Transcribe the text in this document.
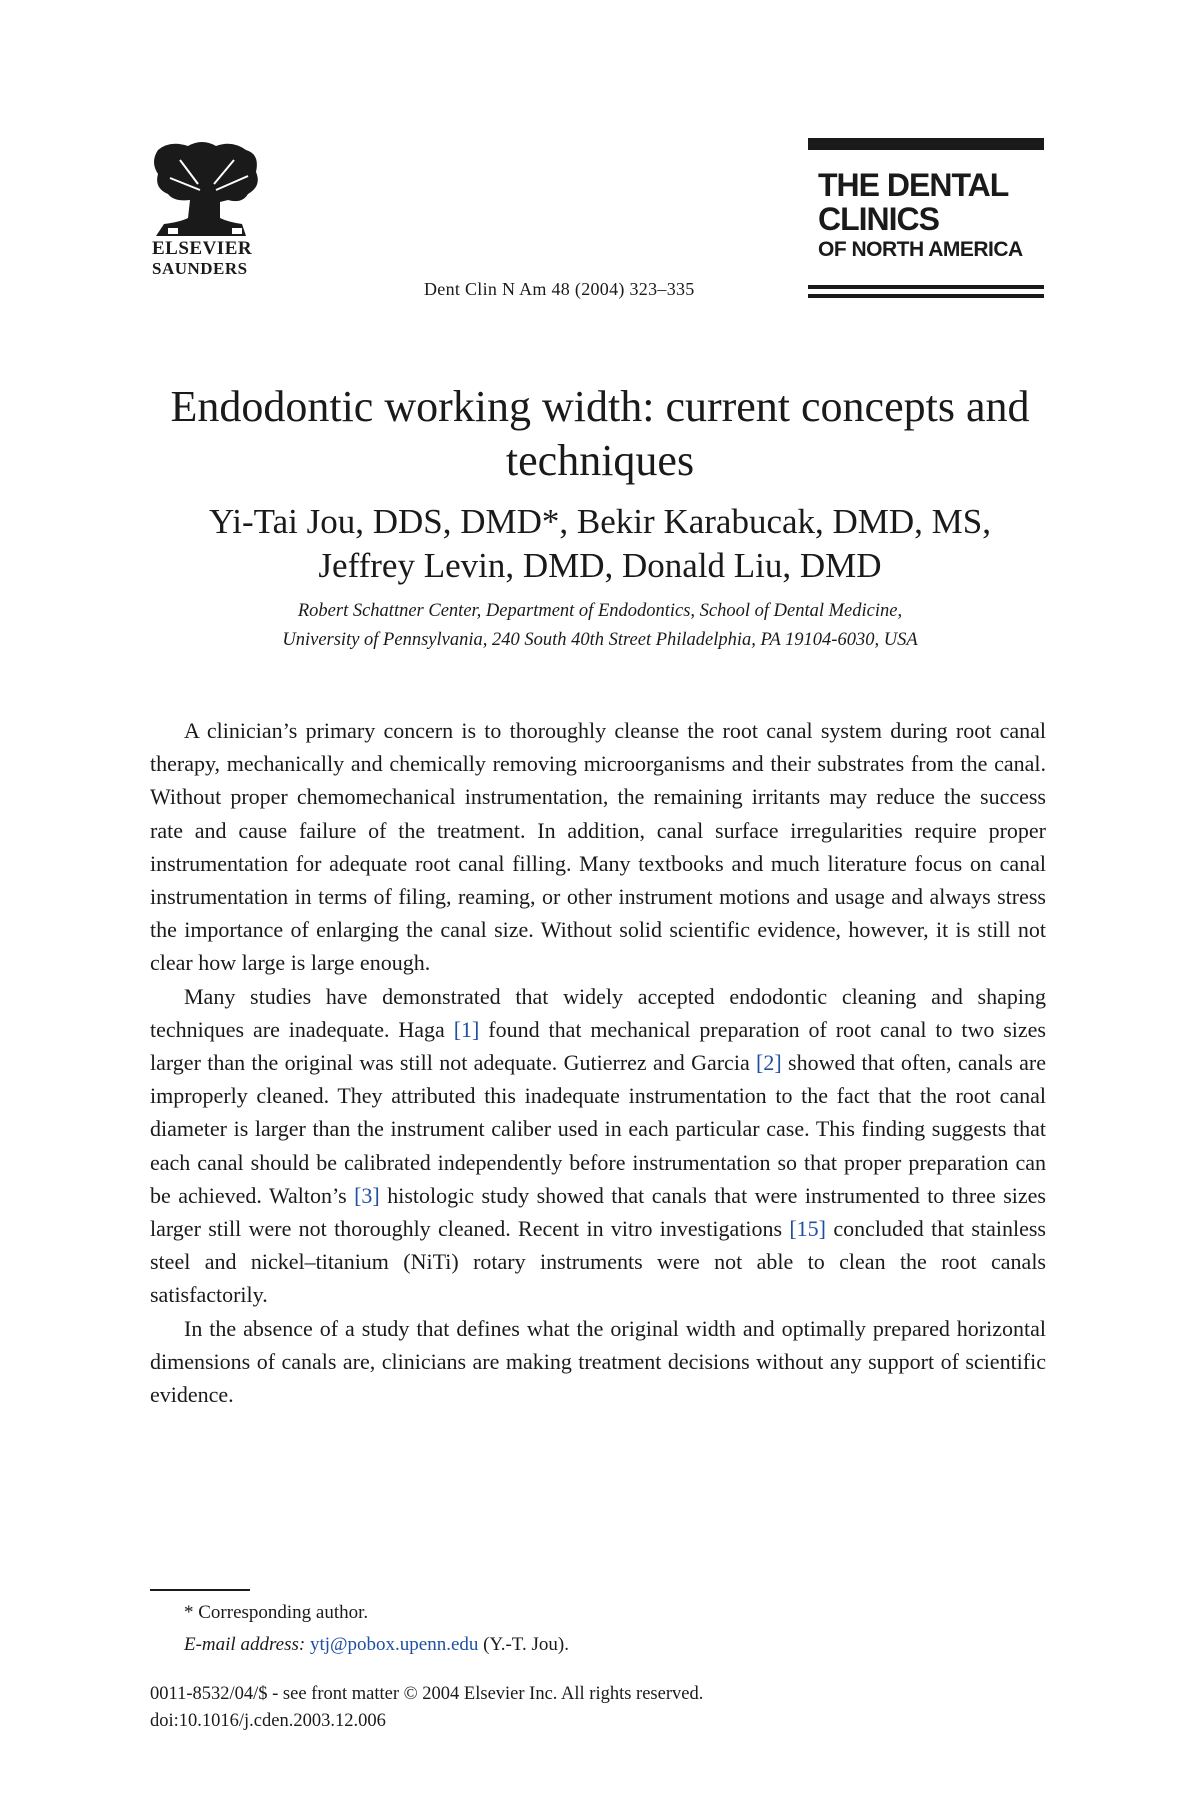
ELSEVIER
SAUNDERS
Dent Clin N Am 48 (2004) 323–335
THE DENTAL
CLINICS
OF NORTH AMERICA
Endodontic working width: current concepts and techniques
Yi-Tai Jou, DDS, DMD*, Bekir Karabucak, DMD, MS,
Jeffrey Levin, DMD, Donald Liu, DMD
Robert Schattner Center, Department of Endodontics, School of Dental Medicine,
University of Pennsylvania, 240 South 40th Street Philadelphia, PA 19104-6030, USA

A clinician’s primary concern is to thoroughly cleanse the root canal system during root canal therapy, mechanically and chemically removing microorganisms and their substrates from the canal. Without proper chemomechanical instrumentation, the remaining irritants may reduce the success rate and cause failure of the treatment. In addition, canal surface irregularities require proper instrumentation for adequate root canal filling. Many textbooks and much literature focus on canal instrumentation in terms of filing, reaming, or other instrument motions and usage and always stress the importance of enlarging the canal size. Without solid scientific evidence, however, it is still not clear how large is large enough.

Many studies have demonstrated that widely accepted endodontic cleaning and shaping techniques are inadequate. Haga [1] found that mechanical preparation of root canal to two sizes larger than the original was still not adequate. Gutierrez and Garcia [2] showed that often, canals are improperly cleaned. They attributed this inadequate instrumentation to the fact that the root canal diameter is larger than the instrument caliber used in each particular case. This finding suggests that each canal should be calibrated independently before instrumentation so that proper preparation can be achieved. Walton’s [3] histologic study showed that canals that were instrumented to three sizes larger still were not thoroughly cleaned. Recent in vitro investigations [15] concluded that stainless steel and nickel–titanium (NiTi) rotary instruments were not able to clean the root canals satisfactorily.

In the absence of a study that defines what the original width and optimally prepared horizontal dimensions of canals are, clinicians are making treatment decisions without any support of scientific evidence.

* Corresponding author.
E-mail address: ytj@pobox.upenn.edu (Y.-T. Jou).
0011-8532/04/$ - see front matter © 2004 Elsevier Inc. All rights reserved.
doi:10.1016/j.cden.2003.12.006
